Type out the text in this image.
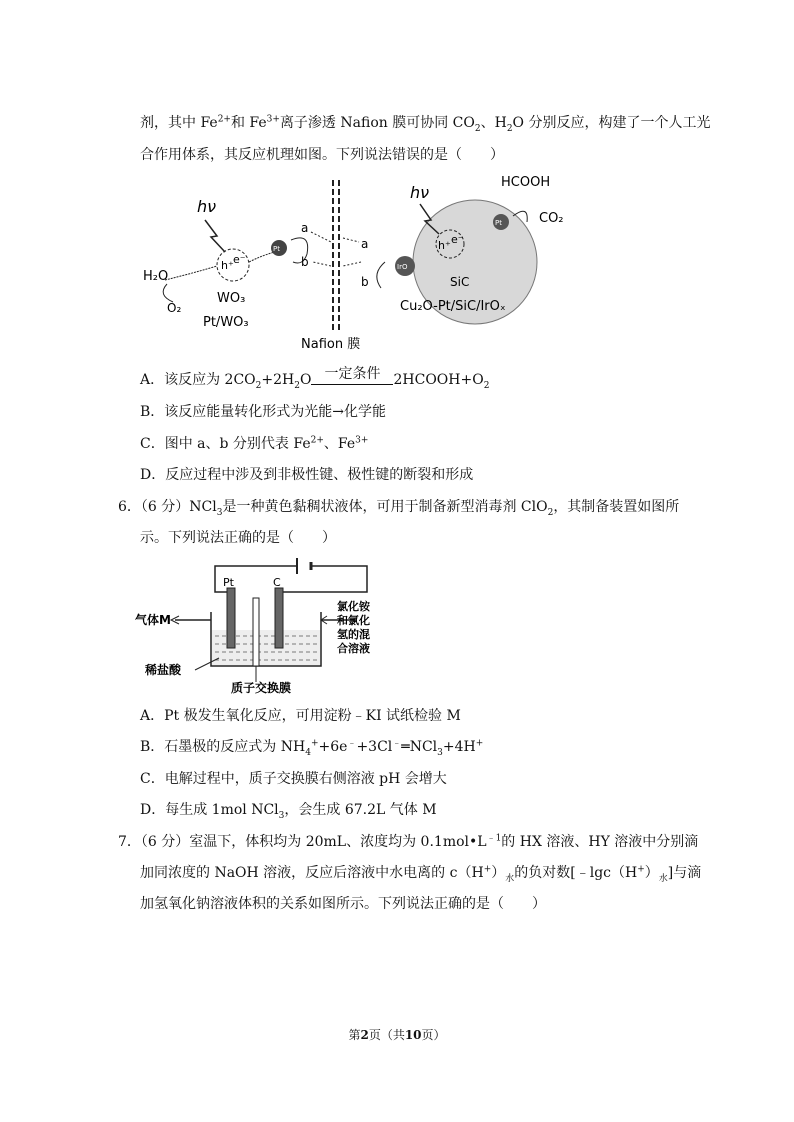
剂，其中 $Fe^{2+}$和 $Fe^{3+}$离子渗透 Nafion 膜可协同 $CO_2$、$H_2O$ 分别反应，构建了一个人工光
合作用体系，其反应机理如图。下列说法错误的是（　　）
h⁺ e⁻
hν
H₂O
O₂
WO₃
Pt/WO₃
Pt
a
b
Nafion 膜
a
b
h⁺ e⁻
hν
SiC
IrO
Pt
HCOOH
CO₂
Cu₂O-Pt/SiC/IrOₓ
A．该反应为 $2CO_2+2H_2O$ 一定条件 $2HCOOH+O_2$
B．该反应能量转化形式为光能→化学能
C．图中 a、b 分别代表 $Fe^{2+}$、$Fe^{3+}$
D．反应过程中涉及到非极性键、极性键的断裂和形成
6．（6 分）NCl$_3$是一种黄色黏稠状液体，可用于制备新型消毒剂 ClO$_2$，其制备装置如图所
示。下列说法正确的是（　　）
Pt	C
气体M
稀盐酸
质子交换膜
氯化铵
和氯化
氢的混
合溶液
A．Pt 极发生氧化反应，可用淀粉﹣KI 试纸检验 M
B．石墨极的反应式为 $NH_4^++6e^﹣+3Cl^﹣═NCl_3+4H^+$
C．电解过程中，质子交换膜右侧溶液 pH 会增大
D．每生成 1mol NCl$_3$，会生成 67.2L 气体 M
7．（6 分）室温下，体积均为 20mL、浓度均为 $0.1mol•L^{﹣1}$的 HX 溶液、HY 溶液中分别滴
加同浓度的 NaOH 溶液，反应后溶液中水电离的 $c(H^+)_水$的负对数$[﹣\lg c(H^+)_水]$与滴
加氢氧化钠溶液体积的关系如图所示。下列说法正确的是（　　）
第2页（共10页）
